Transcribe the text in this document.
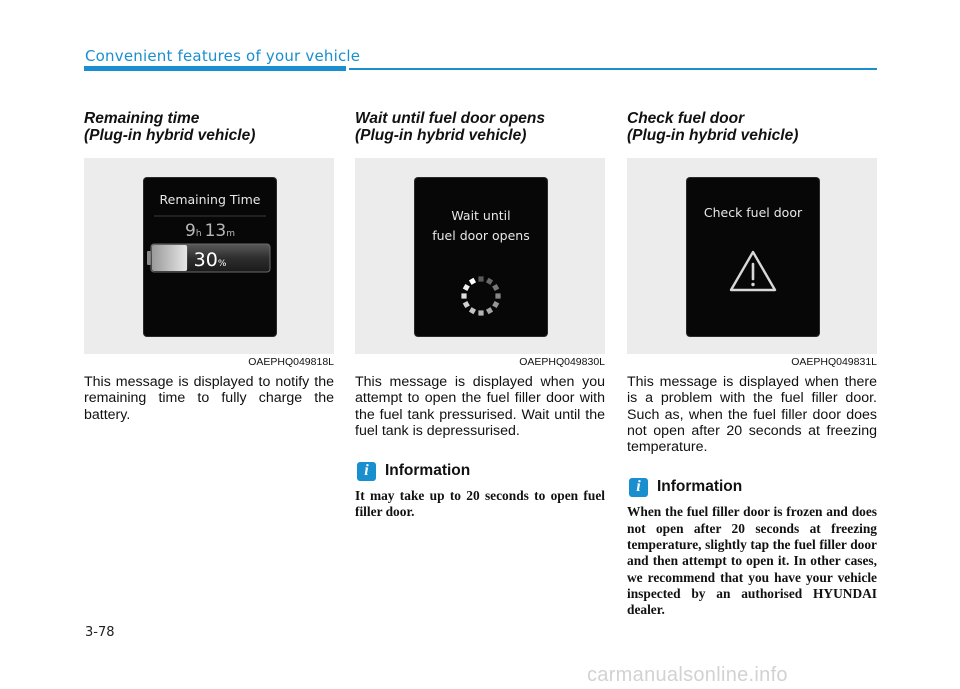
Convenient features of your vehicle
Remaining time
(Plug-in hybrid vehicle)
Remaining Time
9h 13m
30%
OAEPHQ049818L

This message is displayed to notify the remaining time to fully charge the battery.

Wait until fuel door opens
(Plug-in hybrid vehicle)
Wait until
fuel door opens
OAEPHQ049830L

This message is displayed when you attempt to open the fuel filler door with the fuel tank pressurised. Wait until the fuel tank is depressurised.

i	Information

It may take up to 20 seconds to open fuel filler door.

Check fuel door
(Plug-in hybrid vehicle)
Check fuel door
OAEPHQ049831L

This message is displayed when there is a problem with the fuel filler door. Such as, when the fuel filler door does not open after 20 seconds at freezing temperature.

i	Information

When the fuel filler door is frozen and does not open after 20 seconds at freezing temperature, slightly tap the fuel filler door and then attempt to open it. In other cases, we recommend that you have your vehicle inspected by an authorised HYUNDAI dealer.

3-78
carmanualsonline.info
